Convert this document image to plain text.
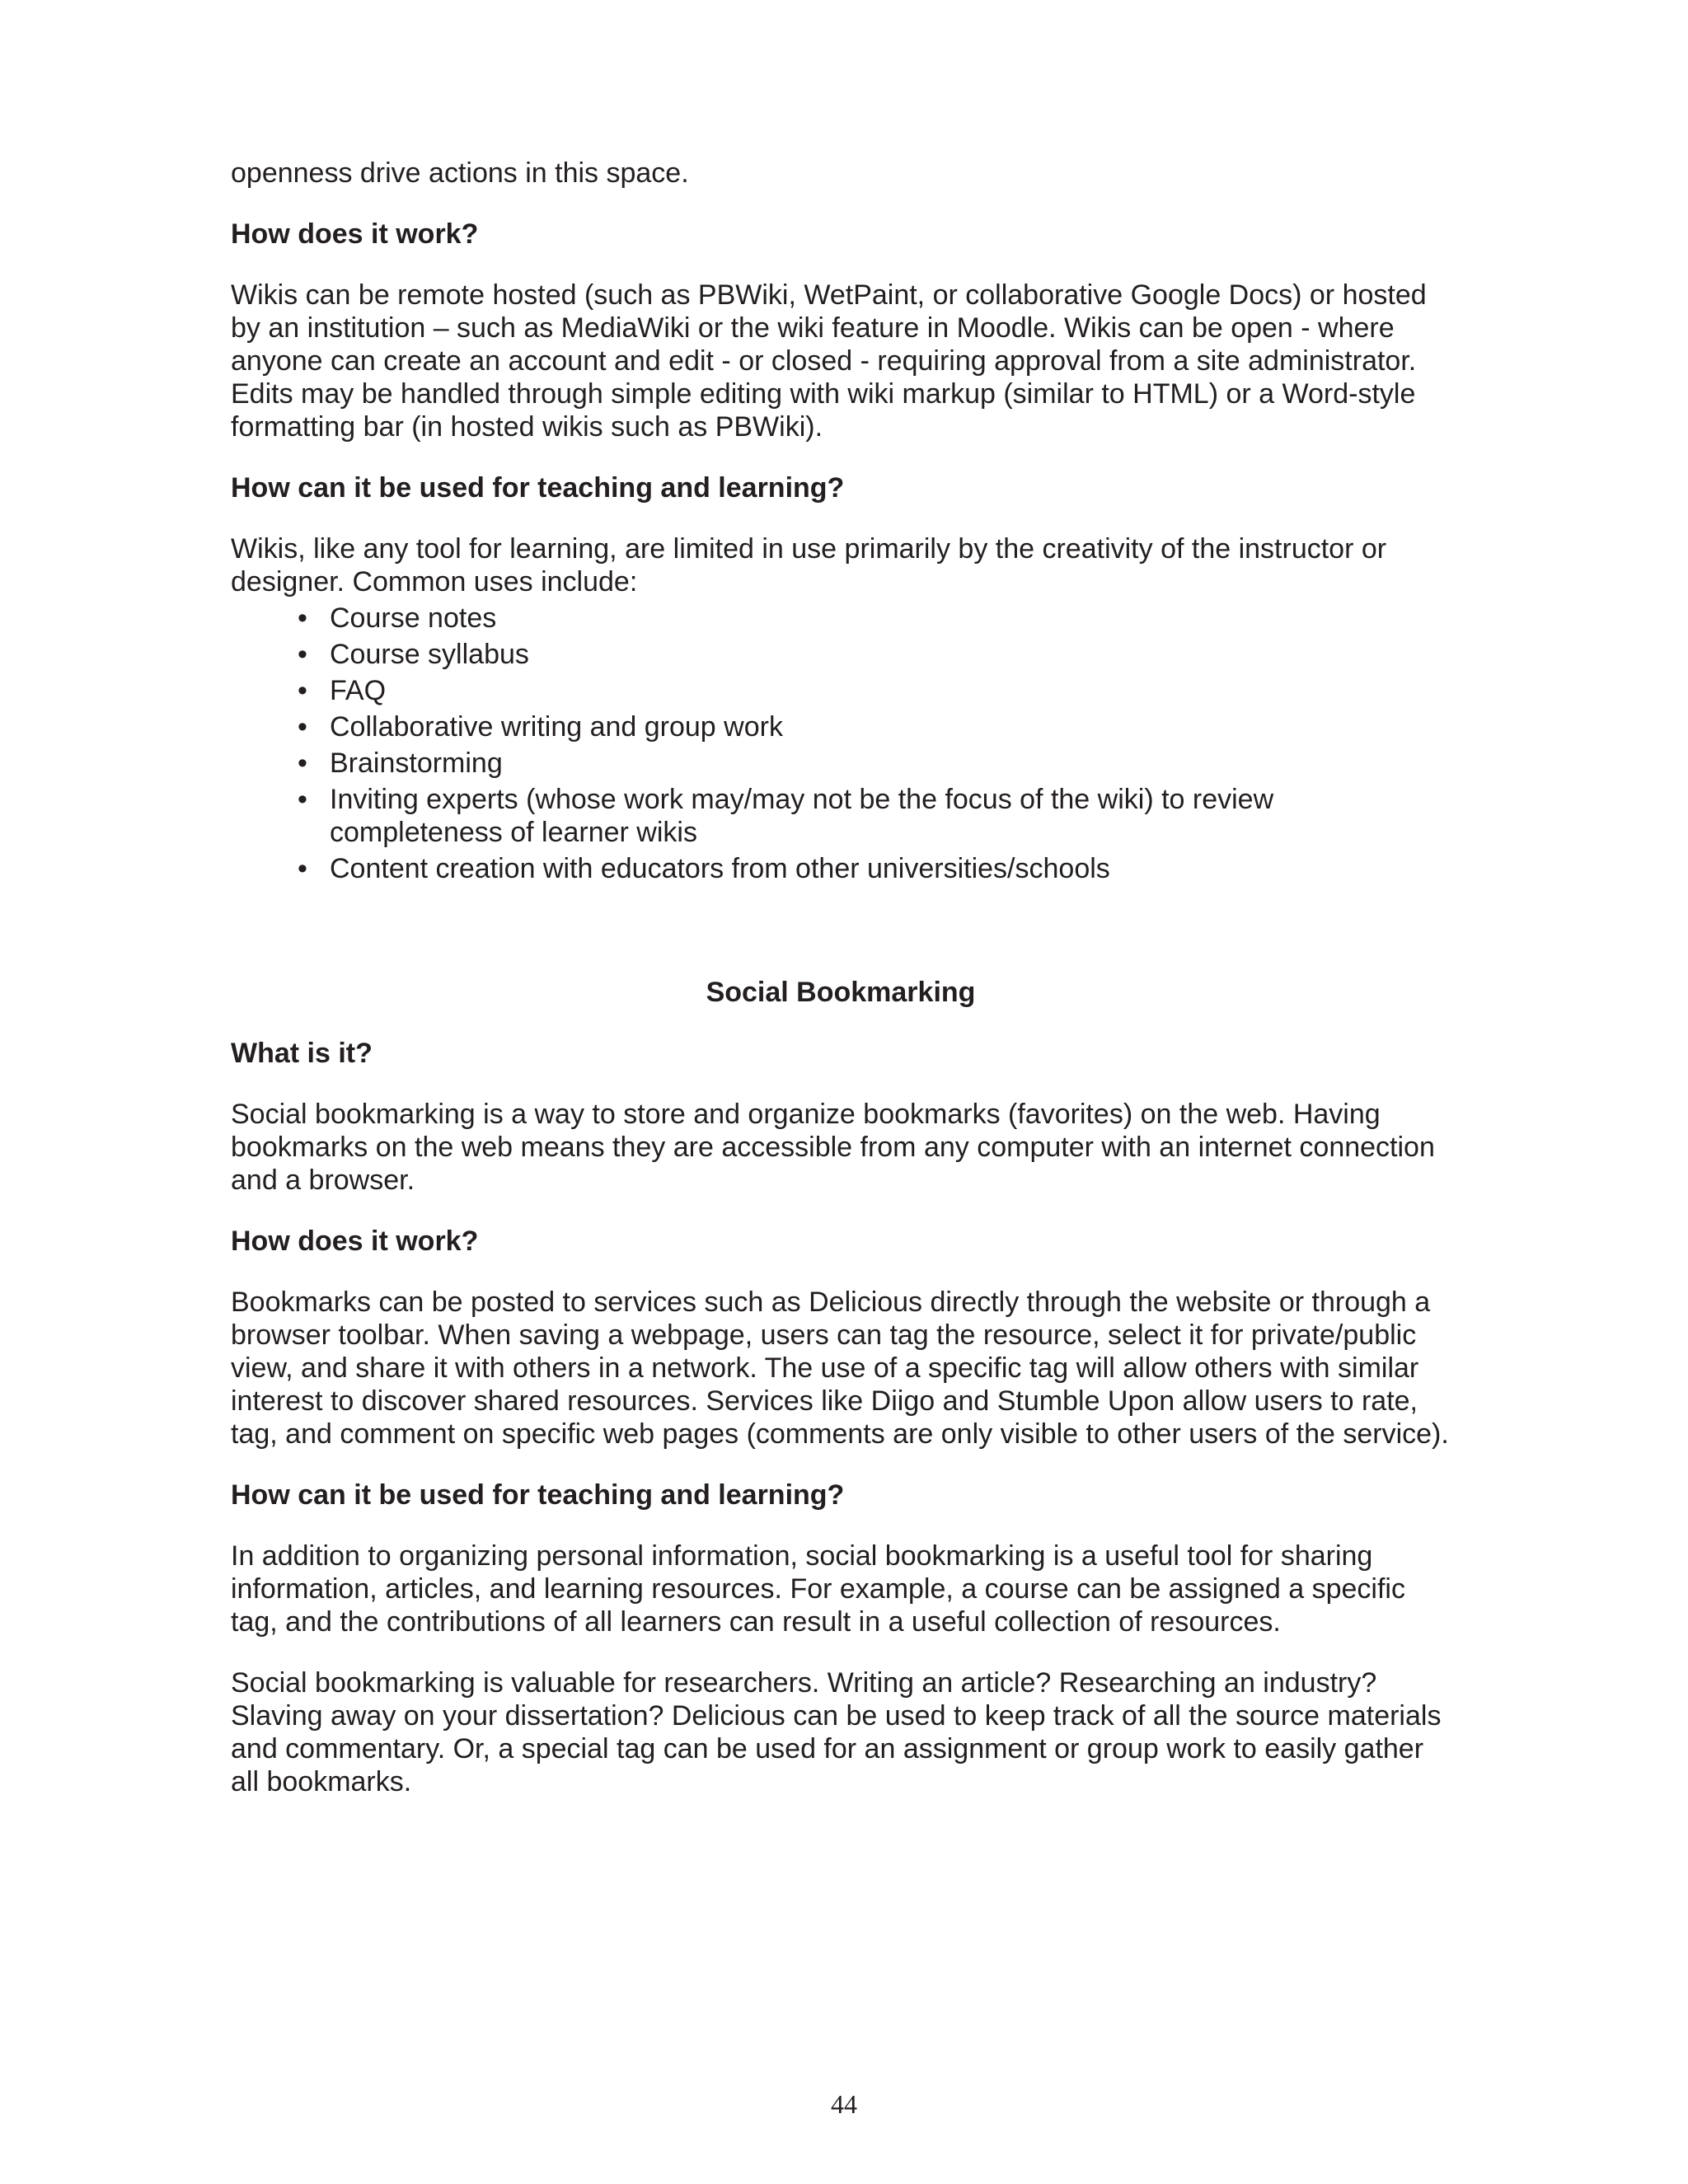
openness drive actions in this space.

How does it work?

Wikis can be remote hosted (such as PBWiki, WetPaint, or collaborative Google Docs) or hosted by an institution – such as MediaWiki or the wiki feature in Moodle. Wikis can be open - where anyone can create an account and edit - or closed - requiring approval from a site administrator. Edits may be handled through simple editing with wiki markup (similar to HTML) or a Word-style formatting bar (in hosted wikis such as PBWiki).

How can it be used for teaching and learning?

Wikis, like any tool for learning, are limited in use primarily by the creativity of the instructor or designer. Common uses include:

• Course notes
• Course syllabus
• FAQ
• Collaborative writing and group work
• Brainstorming
• Inviting experts (whose work may/may not be the focus of the wiki) to review completeness of learner wikis
• Content creation with educators from other universities/schools
Social Bookmarking
What is it?

Social bookmarking is a way to store and organize bookmarks (favorites) on the web. Having bookmarks on the web means they are accessible from any computer with an internet connection and a browser.

How does it work?

Bookmarks can be posted to services such as Delicious directly through the website or through a browser toolbar. When saving a webpage, users can tag the resource, select it for private/public view, and share it with others in a network. The use of a specific tag will allow others with similar interest to discover shared resources. Services like Diigo and Stumble Upon allow users to rate, tag, and comment on specific web pages (comments are only visible to other users of the service).

How can it be used for teaching and learning?

In addition to organizing personal information, social bookmarking is a useful tool for sharing information, articles, and learning resources. For example, a course can be assigned a specific tag, and the contributions of all learners can result in a useful collection of resources.

Social bookmarking is valuable for researchers. Writing an article? Researching an industry? Slaving away on your dissertation? Delicious can be used to keep track of all the source materials and commentary. Or, a special tag can be used for an assignment or group work to easily gather all bookmarks.

44
